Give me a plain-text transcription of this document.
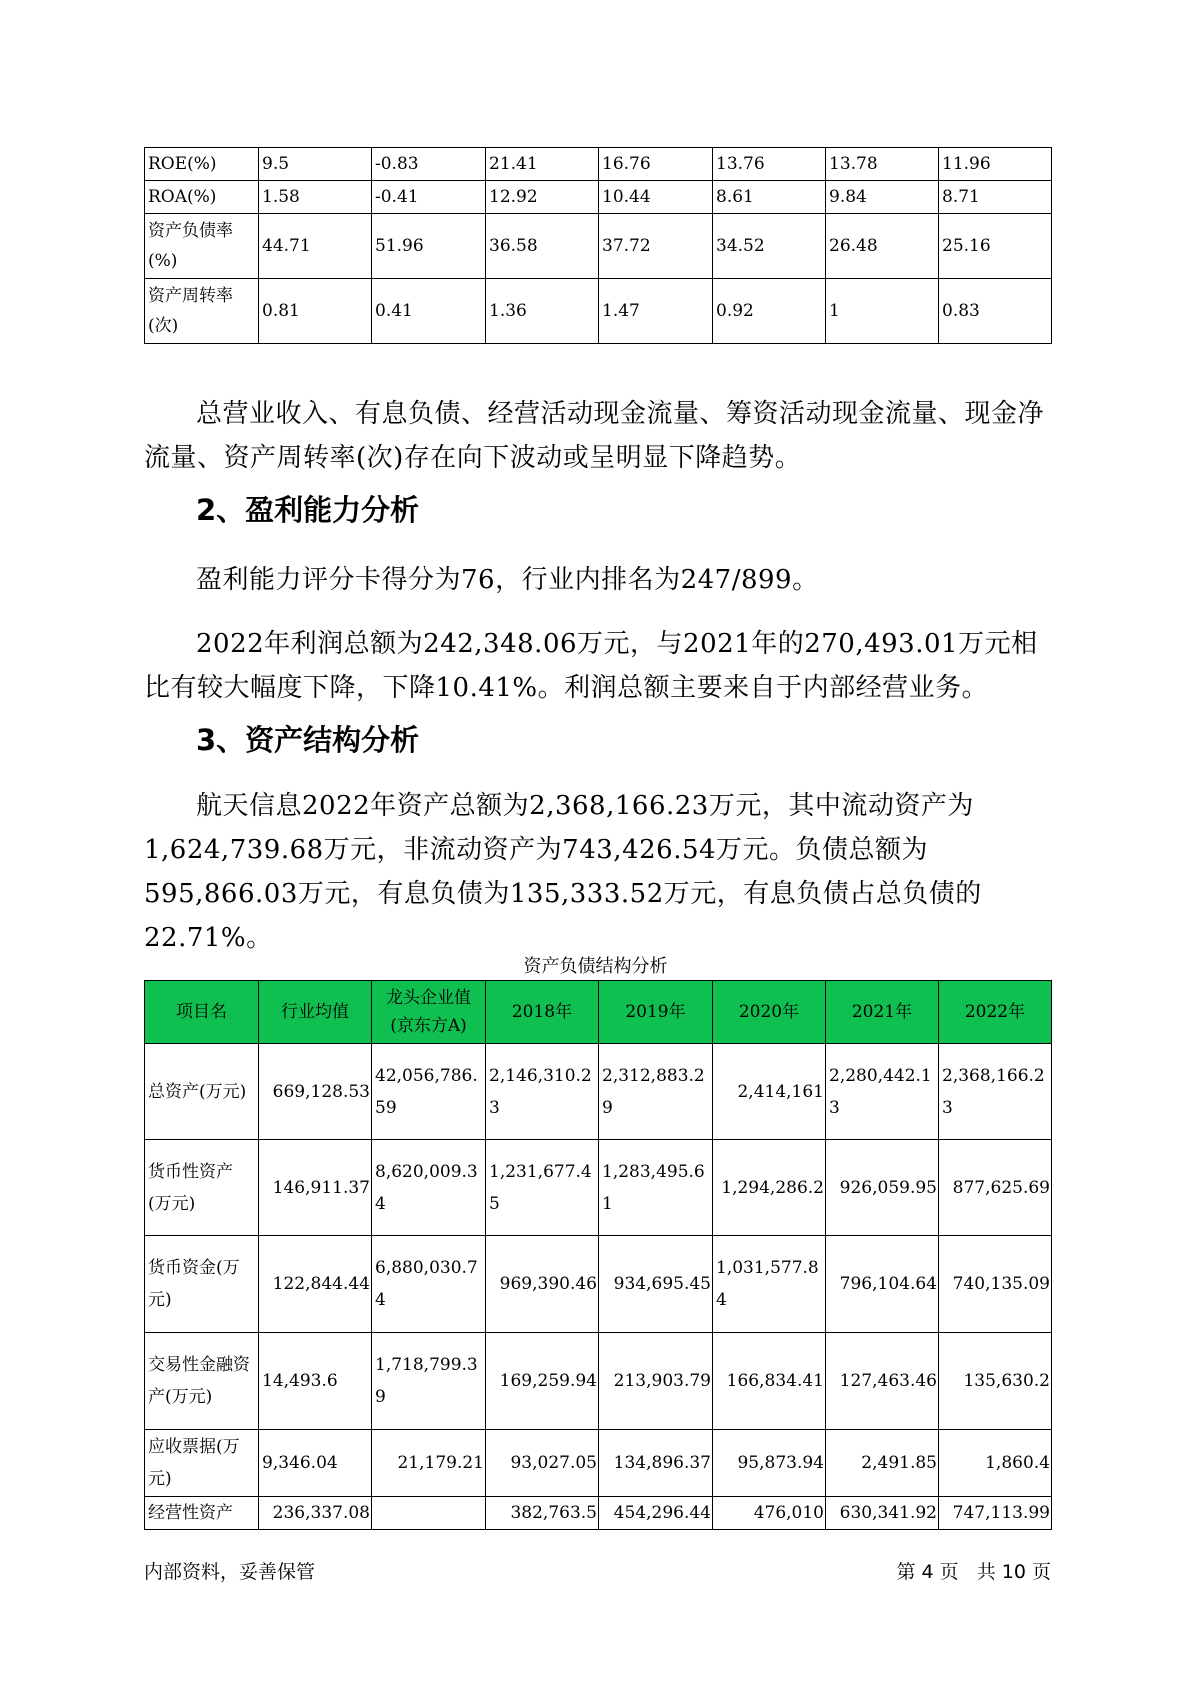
ROE(%)	9.5	-0.83	21.41	16.76	13.76	13.78	11.96
ROA(%)	1.58	-0.41	12.92	10.44	8.61	9.84	8.71
资产负债率(%)	44.71	51.96	36.58	37.72	34.52	26.48	25.16
资产周转率(次)	0.81	0.41	1.36	1.47	0.92	1	0.83

总营业收入、有息负债、经营活动现金流量、筹资活动现金流量、现金净流量、资产周转率(次)存在向下波动或呈明显下降趋势。

2、盈利能力分析

盈利能力评分卡得分为76，行业内排名为247/899。

2022年利润总额为242,348.06万元，与2021年的270,493.01万元相比有较大幅度下降，下降10.41%。利润总额主要来自于内部经营业务。

3、资产结构分析

航天信息2022年资产总额为2,368,166.23万元，其中流动资产为1,624,739.68万元，非流动资产为743,426.54万元。负债总额为595,866.03万元，有息负债为135,333.52万元，有息负债占总负债的22.71%。

资产负债结构分析
项目名	行业均值	龙头企业值(京东方A)	2018年	2019年	2020年	2021年	2022年
总资产(万元)	669,128.53	42,056,786.59	2,146,310.23	2,312,883.29	2,414,161	2,280,442.13	2,368,166.23
货币性资产(万元)	146,911.37	8,620,009.34	1,231,677.45	1,283,495.61	1,294,286.2	926,059.95	877,625.69
货币资金(万元)	122,844.44	6,880,030.74	969,390.46	934,695.45	1,031,577.84	796,104.64	740,135.09
交易性金融资产(万元)	14,493.6	1,718,799.39	169,259.94	213,903.79	166,834.41	127,463.46	135,630.2
应收票据(万元)	9,346.04	21,179.21	93,027.05	134,896.37	95,873.94	2,491.85	1,860.4
经营性资产	236,337.08		382,763.5	454,296.44	476,010	630,341.92	747,113.99
内部资料，妥善保管	第 4 页   共 10 页
